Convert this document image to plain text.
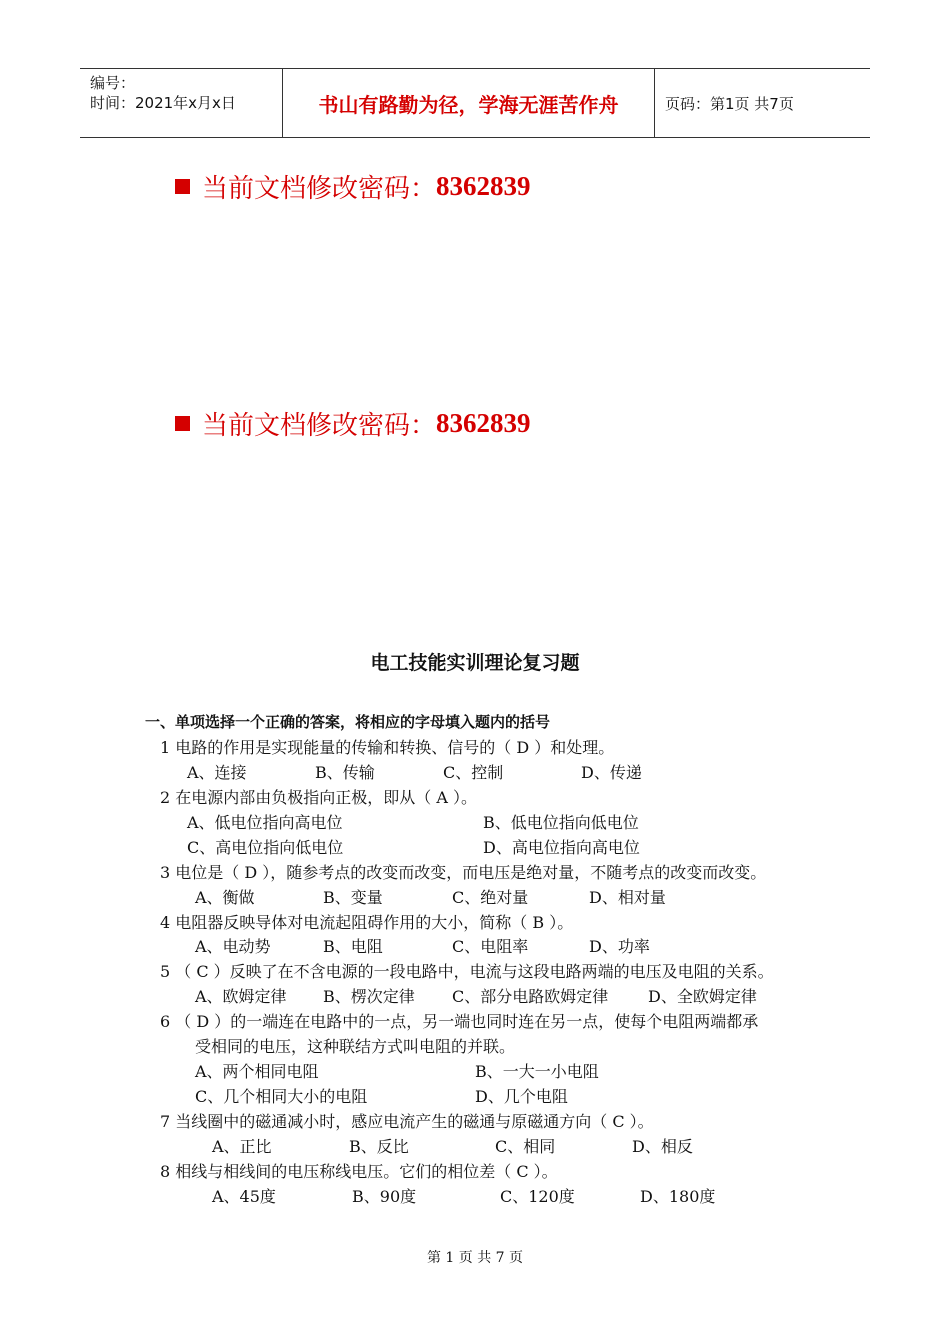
编号：
时间：2021年x月x日	书山有路勤为径，学海无涯苦作舟	页码：第1页 共7页
当前文档修改密码： 8362839
当前文档修改密码： 8362839
电工技能实训理论复习题
一、单项选择一个正确的答案，将相应的字母填入题内的括号
1 电路的作用是实现能量的传输和转换、信号的（ D ）和处理。
A、连接	B、传输	C、控制	D、传递
2 在电源内部由负极指向正极，即从（ A ）。
A、低电位指向高电位	B、低电位指向低电位
C、高电位指向低电位	D、高电位指向高电位
3 电位是（ D ），随参考点的改变而改变，而电压是绝对量，不随考点的改变而改变。
A、衡做	B、变量	C、绝对量	D、相对量
4 电阻器反映导体对电流起阻碍作用的大小，简称（ B ）。
A、电动势	B、电阻	C、电阻率	D、功率
5 （ C ）反映了在不含电源的一段电路中，电流与这段电路两端的电压及电阻的关系。
A、欧姆定律 B、楞次定律 C、部分电路欧姆定律 D、全欧姆定律
6 （ D ）的一端连在电路中的一点，另一端也同时连在另一点，使每个电阻两端都承
受相同的电压，这种联结方式叫电阻的并联。
A、两个相同电阻	B、一大一小电阻
C、几个相同大小的电阻	D、几个电阻
7 当线圈中的磁通减小时，感应电流产生的磁通与原磁通方向（ C ）。
A、正比	B、反比	C、相同	D、相反
8 相线与相线间的电压称线电压。它们的相位差（ C ）。
A、45度	B、90度	C、120度	D、180度
第 1 页 共 7 页
